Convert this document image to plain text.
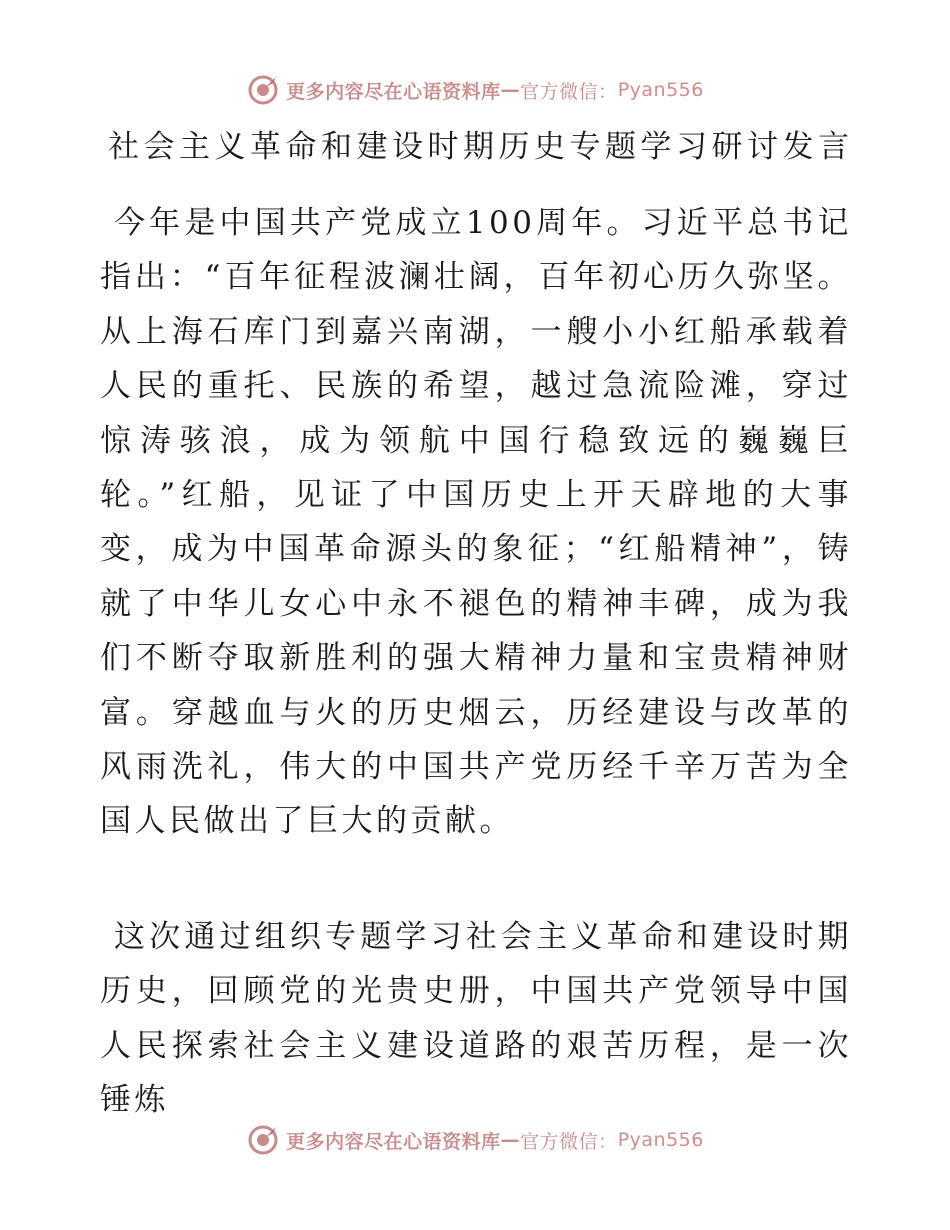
更多内容尽在心语资料库 — 官方微信： Pyan556
社会主义革命和建设时期历史专题学习研讨发言

今年是中国共产党成立100周年。习近平总书记指出：“百年征程波澜壮阔，百年初心历久弥坚。从上海石库门到嘉兴南湖，一艘小小红船承载着人民的重托、民族的希望，越过急流险滩，穿过惊涛骇浪，成为领航中国行稳致远的巍巍巨轮。”红船，见证了中国历史上开天辟地的大事变，成为中国革命源头的象征；“红船精神”，铸就了中华儿女心中永不褪色的精神丰碑，成为我们不断夺取新胜利的强大精神力量和宝贵精神财富。穿越血与火的历史烟云，历经建设与改革的风雨洗礼，伟大的中国共产党历经千辛万苦为全国人民做出了巨大的贡献。

这次通过组织专题学习社会主义革命和建设时期历史，回顾党的光贵史册，中国共产党领导中国人民探索社会主义建设道路的艰苦历程，是一次锤炼

更多内容尽在心语资料库 — 官方微信： Pyan556
